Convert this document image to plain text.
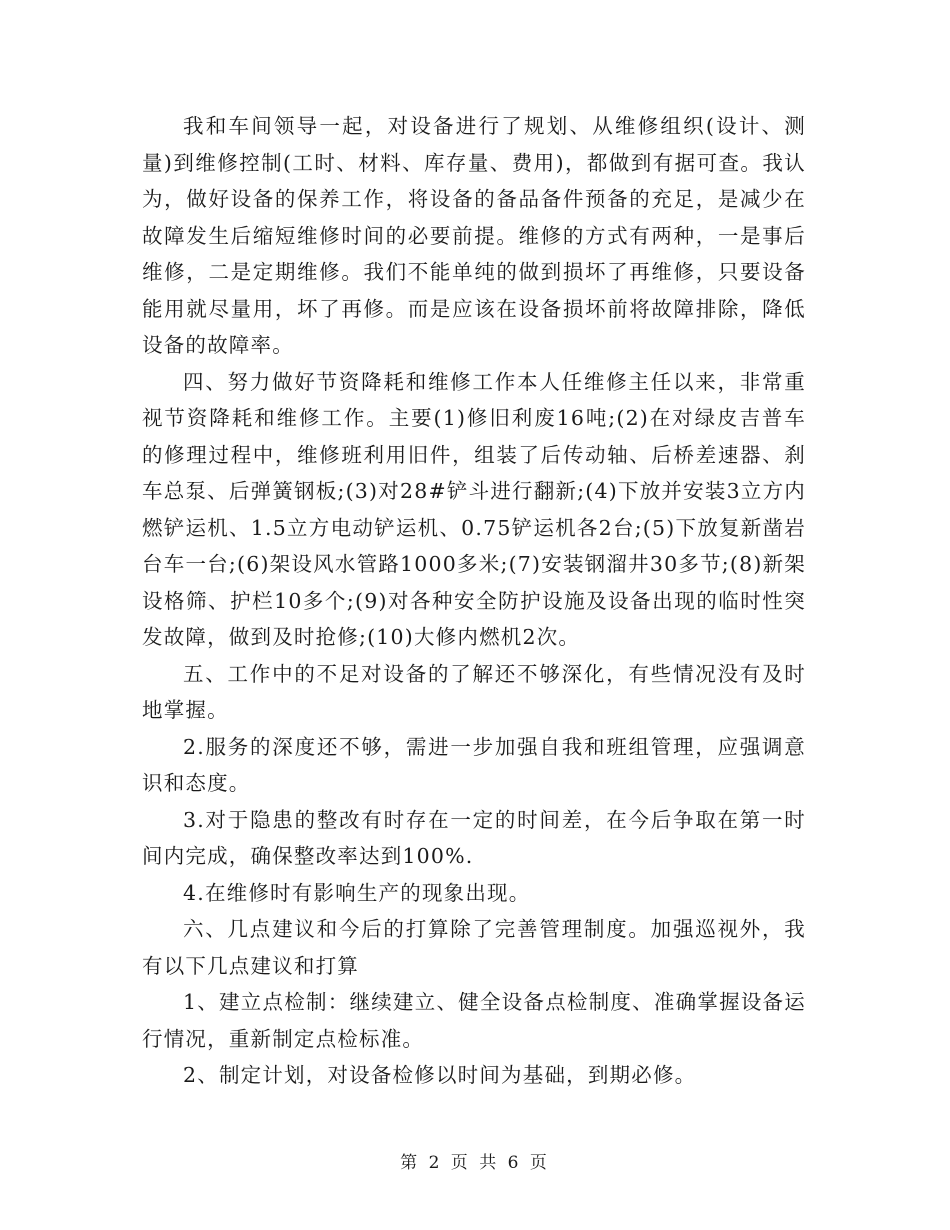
我和车间领导一起，对设备进行了规划、从维修组织(设计、测量)到维修控制(工时、材料、库存量、费用)，都做到有据可查。我认为，做好设备的保养工作，将设备的备品备件预备的充足，是减少在故障发生后缩短维修时间的必要前提。维修的方式有两种，一是事后维修，二是定期维修。我们不能单纯的做到损坏了再维修，只要设备能用就尽量用，坏了再修。而是应该在设备损坏前将故障排除，降低设备的故障率。

四、努力做好节资降耗和维修工作本人任维修主任以来，非常重视节资降耗和维修工作。主要(1)修旧利废16吨;(2)在对绿皮吉普车的修理过程中，维修班利用旧件，组装了后传动轴、后桥差速器、刹车总泵、后弹簧钢板;(3)对28#铲斗进行翻新;(4)下放并安装3立方内燃铲运机、1.5立方电动铲运机、0.75铲运机各2台;(5)下放复新凿岩台车一台;(6)架设风水管路1000多米;(7)安装钢溜井30多节;(8)新架设格筛、护栏10多个;(9)对各种安全防护设施及设备出现的临时性突发故障，做到及时抢修;(10)大修内燃机2次。

五、工作中的不足对设备的了解还不够深化，有些情况没有及时地掌握。

2.服务的深度还不够，需进一步加强自我和班组管理，应强调意识和态度。

3.对于隐患的整改有时存在一定的时间差，在今后争取在第一时间内完成，确保整改率达到100%.

4.在维修时有影响生产的现象出现。

六、几点建议和今后的打算除了完善管理制度。加强巡视外，我有以下几点建议和打算

1、建立点检制：继续建立、健全设备点检制度、准确掌握设备运行情况，重新制定点检标准。

2、制定计划，对设备检修以时间为基础，到期必修。

第 2 页 共 6 页
